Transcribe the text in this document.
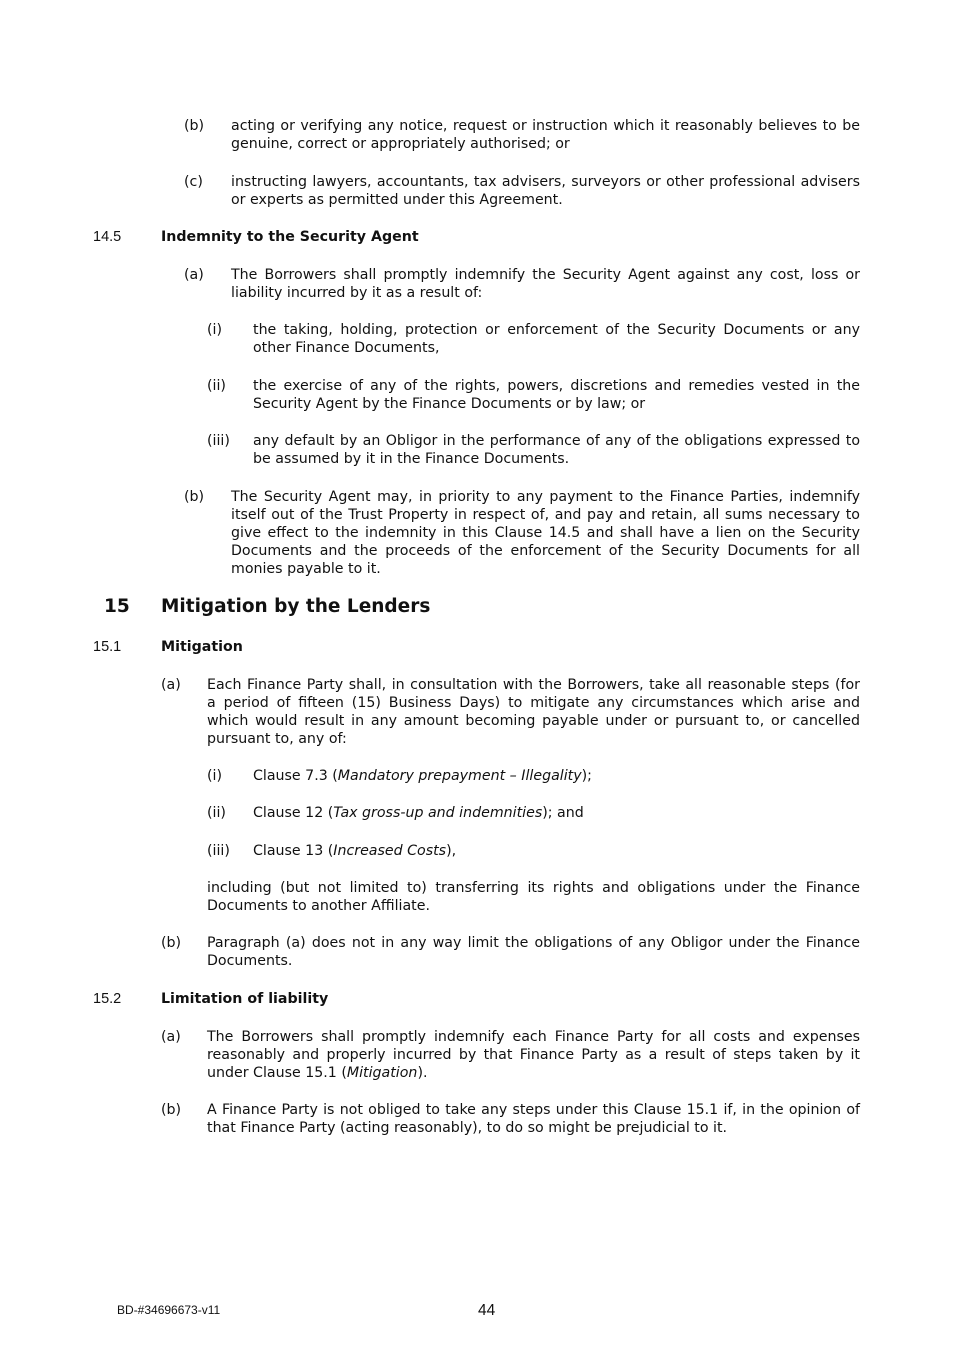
(b) acting or verifying any notice, request or instruction which it reasonably believes to be genuine, correct or appropriately authorised; or
(c) instructing lawyers, accountants, tax advisers, surveyors or other professional advisers or experts as permitted under this Agreement.
14.5	Indemnity to the Security Agent
(a) The Borrowers shall promptly indemnify the Security Agent against any cost, loss or liability incurred by it as a result of:
(i) the taking, holding, protection or enforcement of the Security Documents or any other Finance Documents,
(ii) the exercise of any of the rights, powers, discretions and remedies vested in the Security Agent by the Finance Documents or by law; or
(iii) any default by an Obligor in the performance of any of the obligations expressed to be assumed by it in the Finance Documents.
(b) The Security Agent may, in priority to any payment to the Finance Parties, indemnify itself out of the Trust Property in respect of, and pay and retain, all sums necessary to give effect to the indemnity in this Clause 14.5 and shall have a lien on the Security Documents and the proceeds of the enforcement of the Security Documents for all monies payable to it.
15 Mitigation by the Lenders
15.1	Mitigation
(a) Each Finance Party shall, in consultation with the Borrowers, take all reasonable steps (for a period of fifteen (15) Business Days) to mitigate any circumstances which arise and which would result in any amount becoming payable under or pursuant to, or cancelled pursuant to, any of:
(i) Clause 7.3 (Mandatory prepayment – Illegality);
(ii) Clause 12 (Tax gross-up and indemnities); and
(iii) Clause 13 (Increased Costs),
including (but not limited to) transferring its rights and obligations under the Finance Documents to another Affiliate.
(b) Paragraph (a) does not in any way limit the obligations of any Obligor under the Finance Documents.
15.2	Limitation of liability
(a) The Borrowers shall promptly indemnify each Finance Party for all costs and expenses reasonably and properly incurred by that Finance Party as a result of steps taken by it under Clause 15.1 (Mitigation).
(b) A Finance Party is not obliged to take any steps under this Clause 15.1 if, in the opinion of that Finance Party (acting reasonably), to do so might be prejudicial to it.
BD-#34696673-v11	44
